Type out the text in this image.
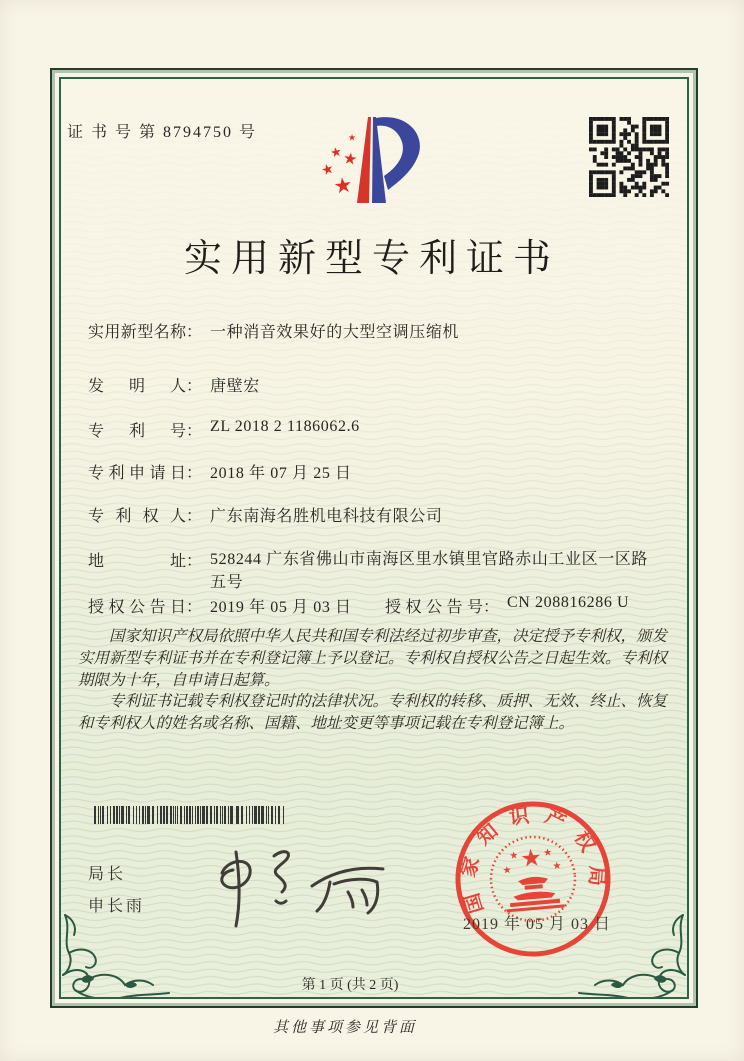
证 书 号 第 8794750 号	★
★
★
★
★
实用新型专利证书
实用新型名称： 一种消音效果好的大型空调压缩机
发明人： 唐壁宏
专利号： ZL 2018 2 1186062.6
专利申请日： 2018 年 07 月 25 日
专利权人： 广东南海名胜机电科技有限公司
地址： 528244 广东省佛山市南海区里水镇里官路赤山工业区一区路五号
授权公告日： 2019 年 05 月 03 日 授权公告号： CN 208816286 U

国家知识产权局依照中华人民共和国专利法经过初步审查，决定授予专利权，颁发实用新型专利证书并在专利登记簿上予以登记。专利权自授权公告之日起生效。专利权期限为十年，自申请日起算。

专利证书记载专利权登记时的法律状况。专利权的转移、质押、无效、终止、恢复和专利权人的姓名或名称、国籍、地址变更等事项记载在专利登记簿上。

局长
申长雨	国家知识产权局
★
★ ★
★	★
2019 年 05 月 03 日
第 1 页 (共 2 页)
其他事项参见背面
